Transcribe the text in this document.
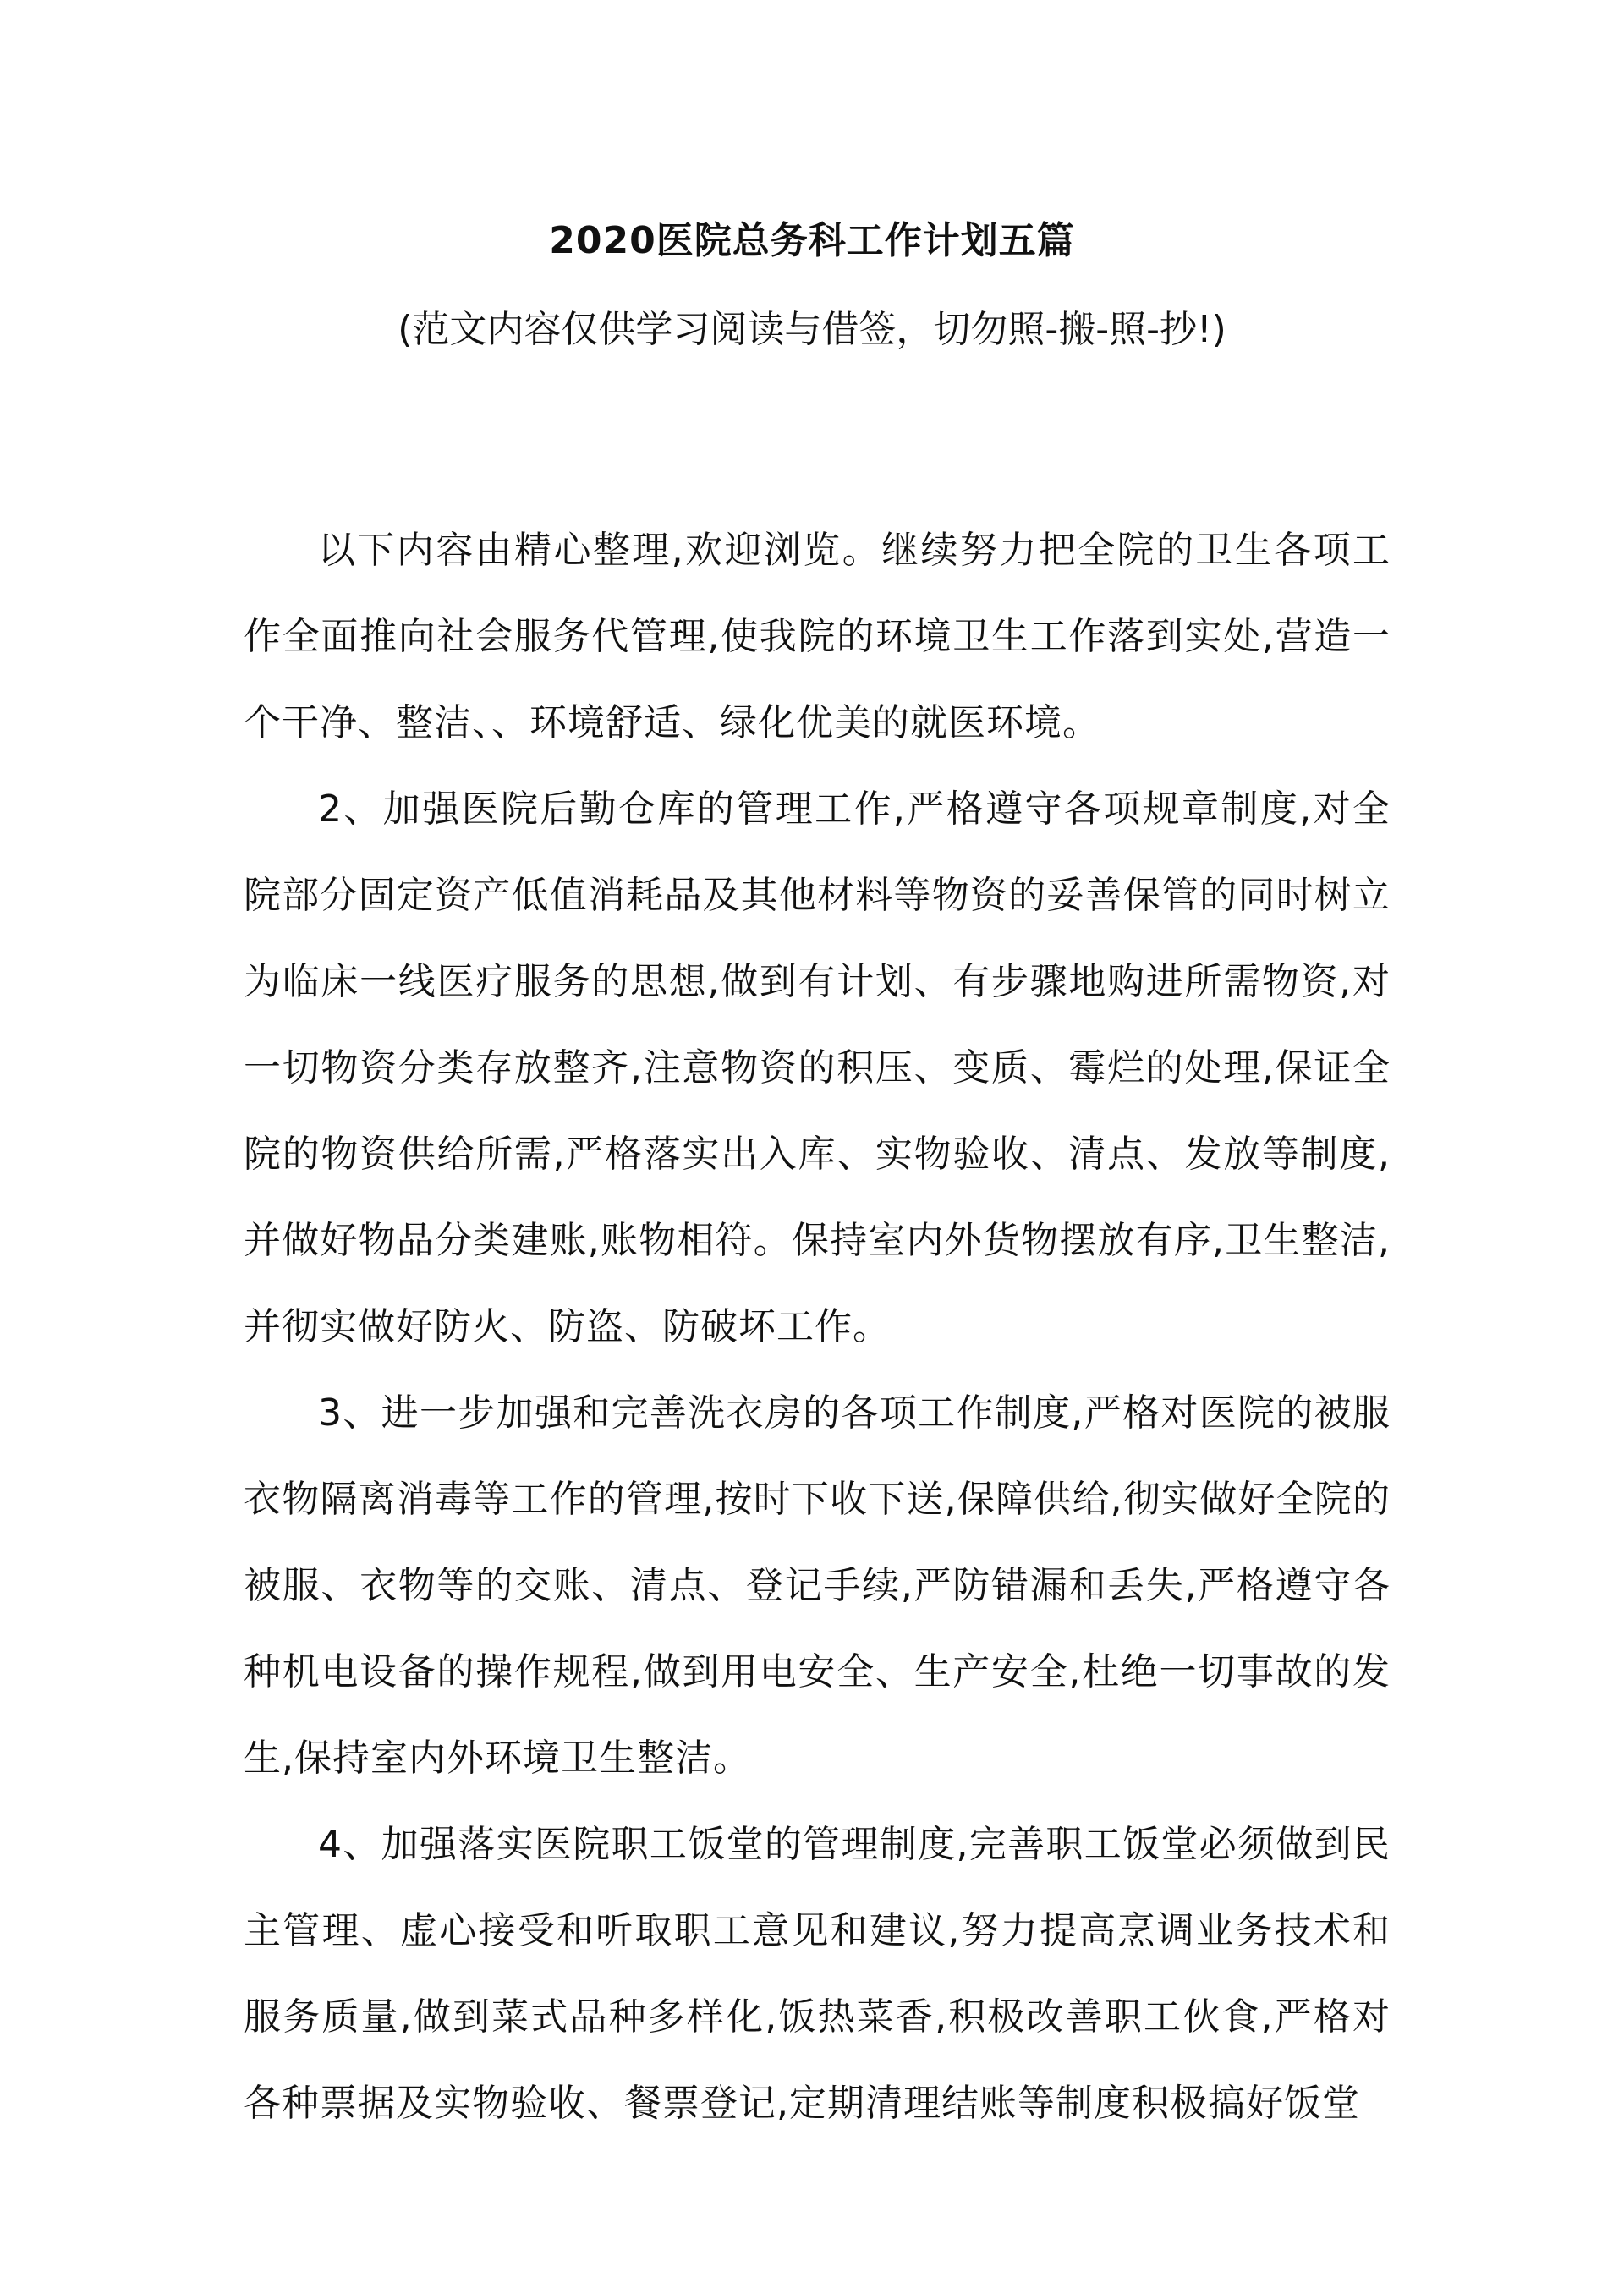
2020医院总务科工作计划五篇
(范文内容仅供学习阅读与借签，切勿照-搬-照-抄!)

以下内容由精心整理,欢迎浏览。继续努力把全院的卫生各项工作全面推向社会服务代管理,使我院的环境卫生工作落到实处,营造一个干净、整洁、、环境舒适、绿化优美的就医环境。

2、加强医院后勤仓库的管理工作,严格遵守各项规章制度,对全院部分固定资产低值消耗品及其他材料等物资的妥善保管的同时树立为临床一线医疗服务的思想,做到有计划、有步骤地购进所需物资,对一切物资分类存放整齐,注意物资的积压、变质、霉烂的处理,保证全院的物资供给所需,严格落实出入库、实物验收、清点、发放等制度,并做好物品分类建账,账物相符。保持室内外货物摆放有序,卫生整洁,并彻实做好防火、防盗、防破坏工作。

3、进一步加强和完善洗衣房的各项工作制度,严格对医院的被服衣物隔离消毒等工作的管理,按时下收下送,保障供给,彻实做好全院的被服、衣物等的交账、清点、登记手续,严防错漏和丢失,严格遵守各种机电设备的操作规程,做到用电安全、生产安全,杜绝一切事故的发生,保持室内外环境卫生整洁。

4、加强落实医院职工饭堂的管理制度,完善职工饭堂必须做到民主管理、虚心接受和听取职工意见和建议,努力提高烹调业务技术和服务质量,做到菜式品种多样化,饭热菜香,积极改善职工伙食,严格对各种票据及实物验收、餐票登记,定期清理结账等制度积极搞好饭堂
